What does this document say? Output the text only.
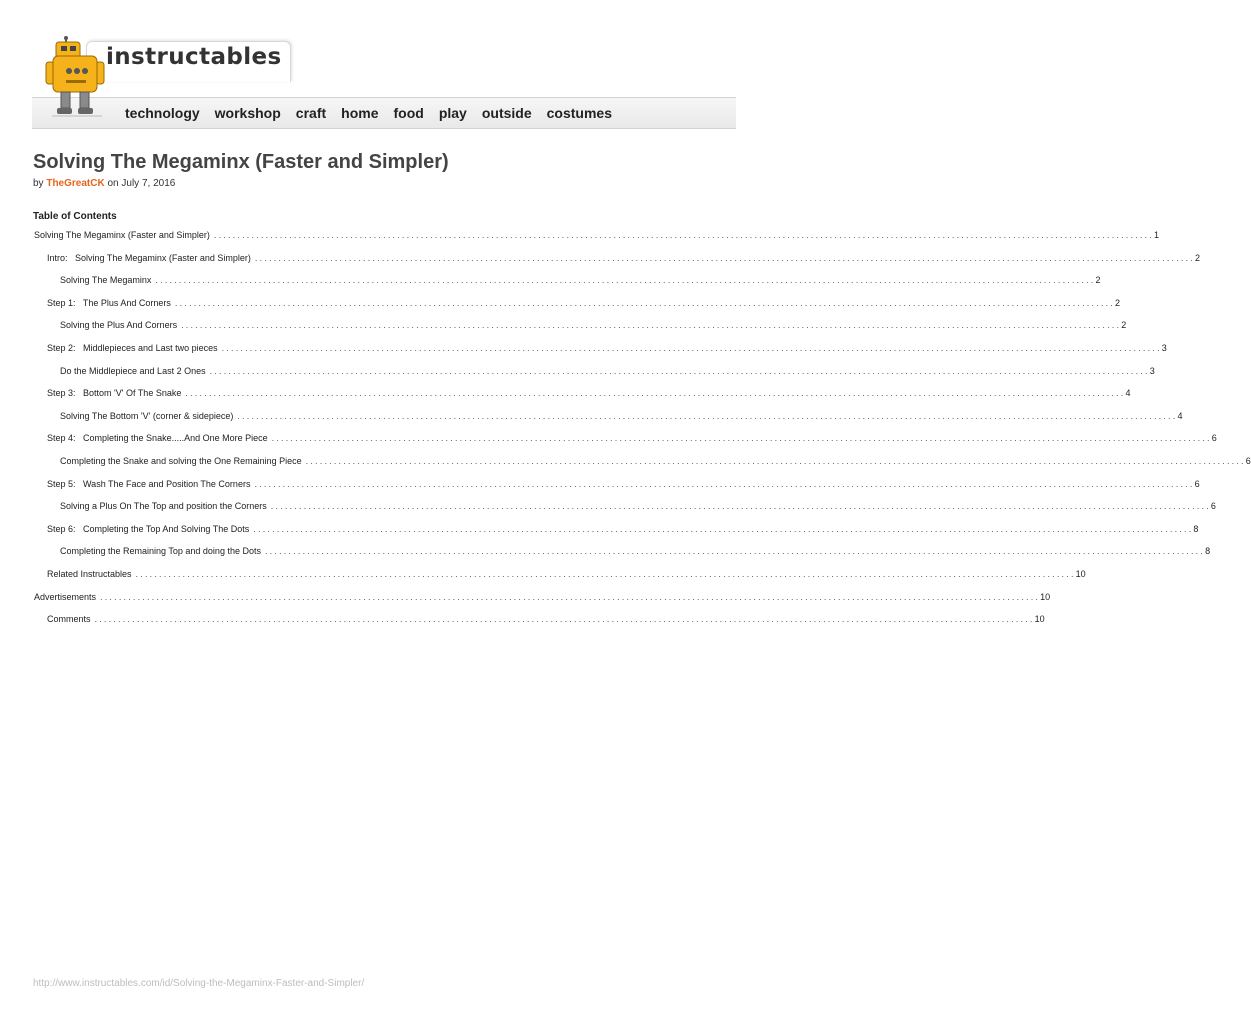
technology workshop craft home food play outside costumes
instructables
Solving The Megaminx (Faster and Simpler)
by TheGreatCK on July 7, 2016
Table of Contents
Solving The Megaminx (Faster and Simpler) ........................................................................................................................................................................................................ 1
Intro:   Solving The Megaminx (Faster and Simpler) ........................................................................................................................................................................................................ 2
Solving The Megaminx ........................................................................................................................................................................................................ 2
Step 1:   The Plus And Corners ........................................................................................................................................................................................................ 2
Solving the Plus And Corners ........................................................................................................................................................................................................ 2
Step 2:   Middlepieces and Last two pieces ........................................................................................................................................................................................................ 3
Do the Middlepiece and Last 2 Ones ........................................................................................................................................................................................................ 3
Step 3:   Bottom 'V' Of The Snake ........................................................................................................................................................................................................ 4
Solving The Bottom 'V' (corner & sidepiece) ........................................................................................................................................................................................................ 4
Step 4:   Completing the Snake.....And One More Piece ........................................................................................................................................................................................................ 6
Completing the Snake and solving the One Remaining Piece ........................................................................................................................................................................................................ 6
Step 5:   Wash The Face and Position The Corners ........................................................................................................................................................................................................ 6
Solving a Plus On The Top and position the Corners ........................................................................................................................................................................................................ 6
Step 6:   Completing the Top And Solving The Dots ........................................................................................................................................................................................................ 8
Completing the Remaining Top and doing the Dots ........................................................................................................................................................................................................ 8
Related Instructables ........................................................................................................................................................................................................ 10
Advertisements ........................................................................................................................................................................................................ 10
Comments ........................................................................................................................................................................................................ 10
http://www.instructables.com/id/Solving-the-Megaminx-Faster-and-Simpler/
